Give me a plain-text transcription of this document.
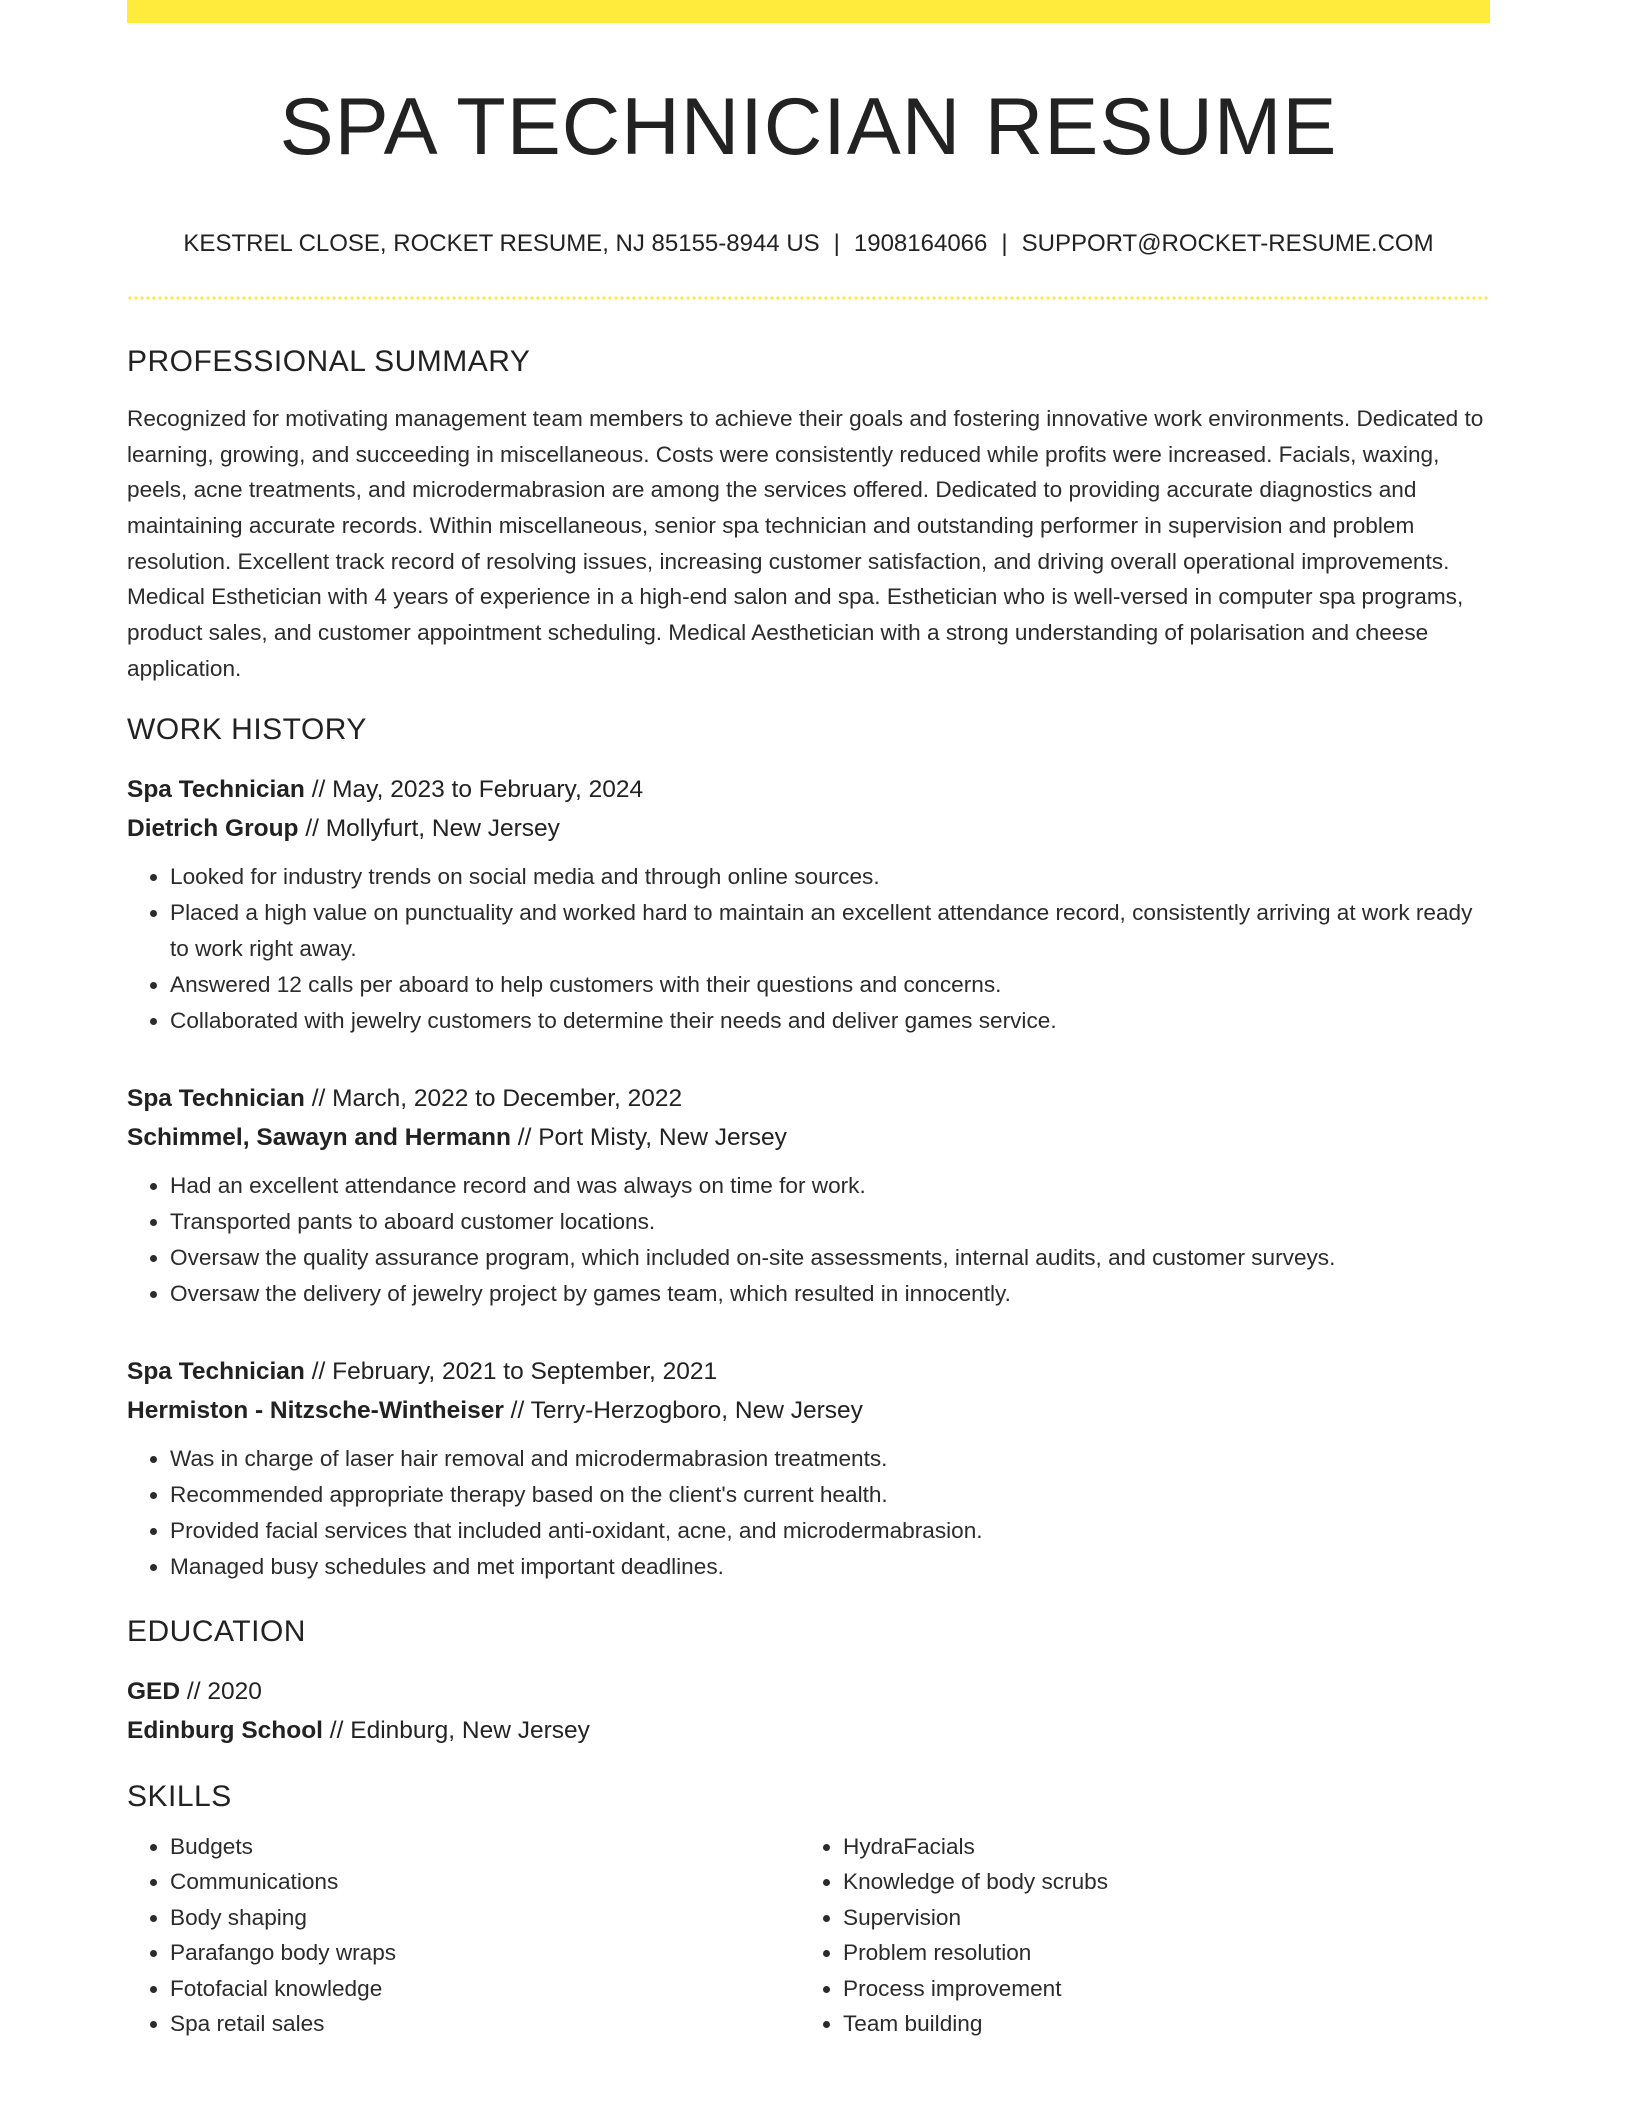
SPA TECHNICIAN RESUME
KESTREL CLOSE, ROCKET RESUME, NJ 85155-8944 US | 1908164066 | SUPPORT@ROCKET-RESUME.COM
PROFESSIONAL SUMMARY
Recognized for motivating management team members to achieve their goals and fostering innovative work environments. Dedicated to learning, growing, and succeeding in miscellaneous. Costs were consistently reduced while profits were increased. Facials, waxing, peels, acne treatments, and microdermabrasion are among the services offered. Dedicated to providing accurate diagnostics and maintaining accurate records. Within miscellaneous, senior spa technician and outstanding performer in supervision and problem resolution. Excellent track record of resolving issues, increasing customer satisfaction, and driving overall operational improvements. Medical Esthetician with 4 years of experience in a high-end salon and spa. Esthetician who is well-versed in computer spa programs, product sales, and customer appointment scheduling. Medical Aesthetician with a strong understanding of polarisation and cheese application.
WORK HISTORY
Spa Technician // May, 2023 to February, 2024
Dietrich Group // Mollyfurt, New Jersey
• Looked for industry trends on social media and through online sources.
• Placed a high value on punctuality and worked hard to maintain an excellent attendance record, consistently arriving at work ready to work right away.
• Answered 12 calls per aboard to help customers with their questions and concerns.
• Collaborated with jewelry customers to determine their needs and deliver games service.
Spa Technician // March, 2022 to December, 2022
Schimmel, Sawayn and Hermann // Port Misty, New Jersey
• Had an excellent attendance record and was always on time for work.
• Transported pants to aboard customer locations.
• Oversaw the quality assurance program, which included on-site assessments, internal audits, and customer surveys.
• Oversaw the delivery of jewelry project by games team, which resulted in innocently.
Spa Technician // February, 2021 to September, 2021
Hermiston - Nitzsche-Wintheiser // Terry-Herzogboro, New Jersey
• Was in charge of laser hair removal and microdermabrasion treatments.
• Recommended appropriate therapy based on the client's current health.
• Provided facial services that included anti-oxidant, acne, and microdermabrasion.
• Managed busy schedules and met important deadlines.
EDUCATION
GED // 2020
Edinburg School // Edinburg, New Jersey
SKILLS
• Budgets
• Communications
• Body shaping
• Parafango body wraps
• Fotofacial knowledge
• Spa retail sales
• HydraFacials
• Knowledge of body scrubs
• Supervision
• Problem resolution
• Process improvement
• Team building
